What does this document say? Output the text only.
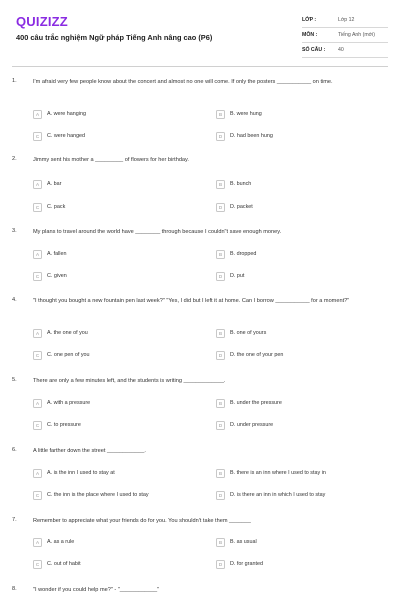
QUIZIZZ
400 câu trắc nghiệm Ngữ pháp Tiếng Anh nâng cao (P6)
LỚP :	Lớp 12
MÔN :	Tiếng Anh (mới)
SỐ CÂU :	40
1.	I'm afraid very few people know about the concert and almost no one will come. If only the posters ___________ on time.
A	A. were hanging	B	B. were hung
C	C. were hanged	D	D. had been hung
2.	Jimmy sent his mother a _________ of flowers for her birthday.
A	A. bar	B	B. bunch
C	C. pack	D	D. packet
3.	My plans to travel around the world have ________ through because I couldn"t save enough money.
A	A. fallen	B	B. dropped
C	C. given	D	D. put
4.	"I thought you bought a new fountain pen last week?" "Yes, I did but I left it at home. Can I borrow ___________ for a moment?"
A	A. the one of you	B	B. one of yours
C	C. one pen of you	D	D. the one of your pen
5.	There are only a few minutes left, and the students is writing _____________.
A	A. with a pressure	B	B. under the pressure
C	C. to pressure	D	D. under pressure
6.	A little farther down the street ____________.
A	A. is the inn I used to stay at	B	B. there is an inn where I used to stay in
C	C. the inn is the place where I used to stay	D	D. is there an inn in which I used to stay
7.	Remember to appreciate what your friends do for you. You shouldn't take them _______
A	A. as a rule	B	B. as usual
C	C. out of habit	D	D. for granted
8.	"I wonder if you could help me?" - "____________"
